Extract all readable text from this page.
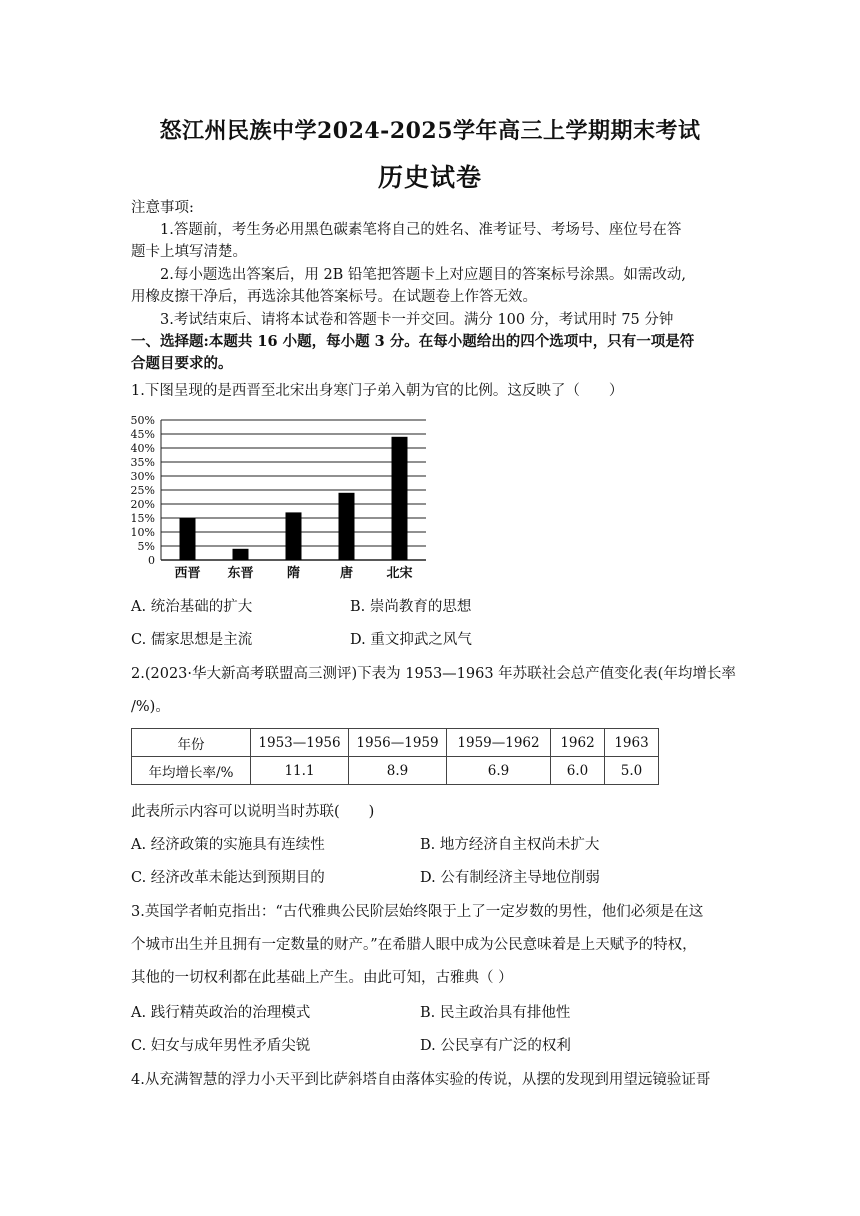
怒江州民族中学2024-2025学年高三上学期期末考试
历史试卷
注意事项:
1.答题前，考生务必用黑色碳素笔将自己的姓名、准考证号、考场号、座位号在答
题卡上填写清楚。
2.每小题选出答案后，用 2B 铅笔把答题卡上对应题目的答案标号涂黑。如需改动,
用橡皮擦干净后，再选涂其他答案标号。在试题卷上作答无效。
3.考试结束后、请将本试卷和答题卡一并交回。满分 100 分，考试用时 75 分钟
一、选择题:本题共 16 小题，每小题 3 分。在每小题给出的四个选项中，只有一项是符
合题目要求的。
1.下图呈现的是西晋至北宋出身寒门子弟入朝为官的比例。这反映了（　　）
0
5%
10%
15%
20%
25%
30%
35%
40%
45%
50%
西晋 东晋	隋	唐	北宋
A. 统治基础的扩大	B. 崇尚教育的思想
C. 儒家思想是主流	D. 重文抑武之风气
2.(2023·华大新高考联盟高三测评)下表为 1953—1963 年苏联社会总产值变化表(年均增长率
/%)。
年份	1953—1956	1956—1959	1959—1962	1962	1963
年均增长率/%	11.1	8.9	6.9	6.0	5.0
此表所示内容可以说明当时苏联(　　)
A. 经济政策的实施具有连续性	B. 地方经济自主权尚未扩大
C. 经济改革未能达到预期目的	D. 公有制经济主导地位削弱
3.英国学者帕克指出：“古代雅典公民阶层始终限于上了一定岁数的男性，他们必须是在这
个城市出生并且拥有一定数量的财产。”在希腊人眼中成为公民意味着是上天赋予的特权，
其他的一切权利都在此基础上产生。由此可知，古雅典（ ）
A. 践行精英政治的治理模式	B. 民主政治具有排他性
C. 妇女与成年男性矛盾尖锐	D. 公民享有广泛的权利
4.从充满智慧的浮力小天平到比萨斜塔自由落体实验的传说，从摆的发现到用望远镜验证哥
